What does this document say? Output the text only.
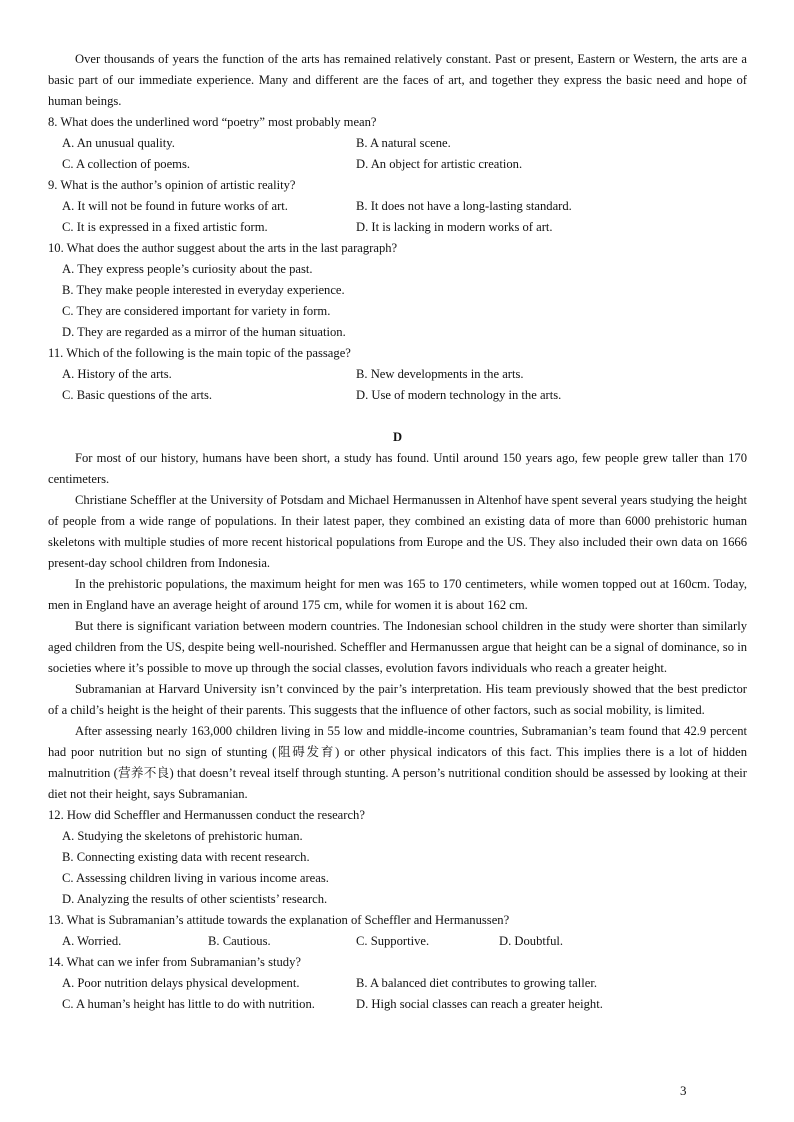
Over thousands of years the function of the arts has remained relatively constant. Past or present, Eastern or Western, the arts are a basic part of our immediate experience. Many and different are the faces of art, and together they express the basic need and hope of human beings.

8. What does the underlined word “poetry” most probably mean?

A. An unusual quality.	B. A natural scene.
C. A collection of poems.	D. An object for artistic creation.

9. What is the author’s opinion of artistic reality?

A. It will not be found in future works of art.	B. It does not have a long-lasting standard.
C. It is expressed in a fixed artistic form.	D. It is lacking in modern works of art.

10. What does the author suggest about the arts in the last paragraph?

A. They express people’s curiosity about the past.

B. They make people interested in everyday experience.

C. They are considered important for variety in form.

D. They are regarded as a mirror of the human situation.

11. Which of the following is the main topic of the passage?

A. History of the arts.	B. New developments in the arts.
C. Basic questions of the arts.	D. Use of modern technology in the arts.

D

For most of our history, humans have been short, a study has found. Until around 150 years ago, few people grew taller than 170 centimeters.

Christiane Scheffler at the University of Potsdam and Michael Hermanussen in Altenhof have spent several years studying the height of people from a wide range of populations. In their latest paper, they combined an existing data of more than 6000 prehistoric human skeletons with multiple studies of more recent historical populations from Europe and the US. They also included their own data on 1666 present-day school children from Indonesia.

In the prehistoric populations, the maximum height for men was 165 to 170 centimeters, while women topped out at 160cm. Today, men in England have an average height of around 175 cm, while for women it is about 162 cm.

But there is significant variation between modern countries. The Indonesian school children in the study were shorter than similarly aged children from the US, despite being well-nourished. Scheffler and Hermanussen argue that height can be a signal of dominance, so in societies where it’s possible to move up through the social classes, evolution favors individuals who reach a greater height.

Subramanian at Harvard University isn’t convinced by the pair’s interpretation. His team previously showed that the best predictor of a child’s height is the height of their parents. This suggests that the influence of other factors, such as social mobility, is limited.

After assessing nearly 163,000 children living in 55 low and middle-income countries, Subramanian’s team found that 42.9 percent had poor nutrition but no sign of stunting (阻碍发育) or other physical indicators of this fact. This implies there is a lot of hidden malnutrition (营养不良) that doesn’t reveal itself through stunting. A person’s nutritional condition should be assessed by looking at their diet not their height, says Subramanian.

12. How did Scheffler and Hermanussen conduct the research?

A. Studying the skeletons of prehistoric human.

B. Connecting existing data with recent research.

C. Assessing children living in various income areas.

D. Analyzing the results of other scientists’ research.

13. What is Subramanian’s attitude towards the explanation of Scheffler and Hermanussen?

A. Worried.	B. Cautious.	C. Supportive.	D. Doubtful.

14. What can we infer from Subramanian’s study?

A. Poor nutrition delays physical development.	B. A balanced diet contributes to growing taller.
C. A human’s height has little to do with nutrition.	D. High social classes can reach a greater height.
3
